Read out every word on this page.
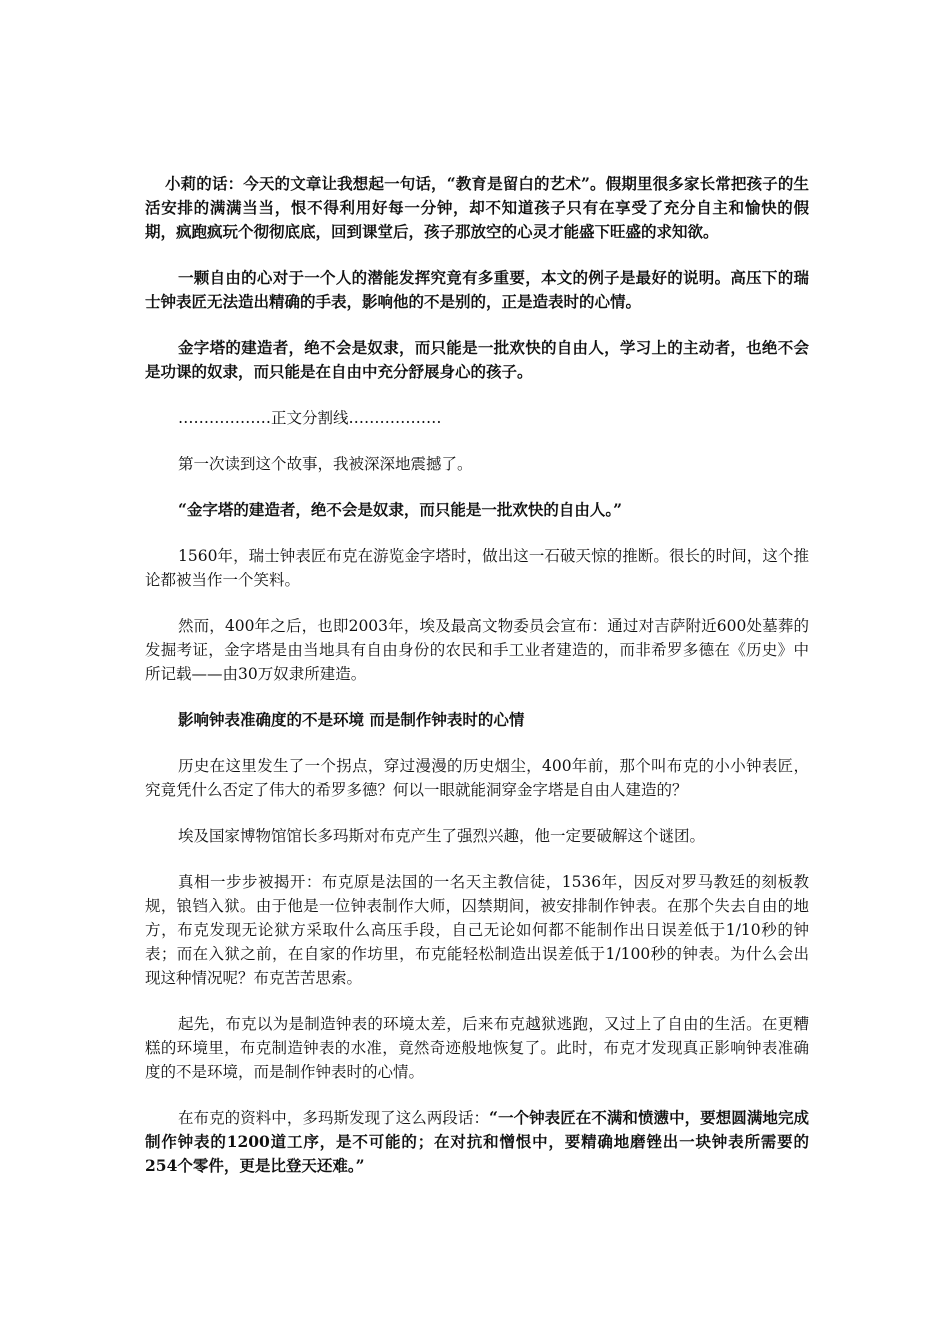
小莉的话：今天的文章让我想起一句话，“教育是留白的艺术”。假期里很多家长常把孩子的生活安排的满满当当，恨不得利用好每一分钟，却不知道孩子只有在享受了充分自主和愉快的假期，疯跑疯玩个彻彻底底，回到课堂后，孩子那放空的心灵才能盛下旺盛的求知欲。

一颗自由的心对于一个人的潜能发挥究竟有多重要，本文的例子是最好的说明。高压下的瑞士钟表匠无法造出精确的手表，影响他的不是别的，正是造表时的心情。

金字塔的建造者，绝不会是奴隶，而只能是一批欢快的自由人，学习上的主动者，也绝不会是功课的奴隶，而只能是在自由中充分舒展身心的孩子。

………………正文分割线………………

第一次读到这个故事，我被深深地震撼了。

“金字塔的建造者，绝不会是奴隶，而只能是一批欢快的自由人。”

1560年，瑞士钟表匠布克在游览金字塔时，做出这一石破天惊的推断。很长的时间，这个推论都被当作一个笑料。

然而，400年之后，也即2003年，埃及最高文物委员会宣布：通过对吉萨附近600处墓葬的发掘考证，金字塔是由当地具有自由身份的农民和手工业者建造的，而非希罗多德在《历史》中所记载——由30万奴隶所建造。

影响钟表准确度的不是环境 而是制作钟表时的心情

历史在这里发生了一个拐点，穿过漫漫的历史烟尘，400年前，那个叫布克的小小钟表匠，究竟凭什么否定了伟大的希罗多德？何以一眼就能洞穿金字塔是自由人建造的？

埃及国家博物馆馆长多玛斯对布克产生了强烈兴趣，他一定要破解这个谜团。

真相一步步被揭开：布克原是法国的一名天主教信徒，1536年，因反对罗马教廷的刻板教规，锒铛入狱。由于他是一位钟表制作大师，囚禁期间，被安排制作钟表。在那个失去自由的地方，布克发现无论狱方采取什么高压手段，自己无论如何都不能制作出日误差低于1/10秒的钟表；而在入狱之前，在自家的作坊里，布克能轻松制造出误差低于1/100秒的钟表。为什么会出现这种情况呢？布克苦苦思索。

起先，布克以为是制造钟表的环境太差，后来布克越狱逃跑，又过上了自由的生活。在更糟糕的环境里，布克制造钟表的水准，竟然奇迹般地恢复了。此时，布克才发现真正影响钟表准确度的不是环境，而是制作钟表时的心情。

在布克的资料中，多玛斯发现了这么两段话：“一个钟表匠在不满和愤懑中，要想圆满地完成制作钟表的1200道工序，是不可能的；在对抗和憎恨中，要精确地磨锉出一块钟表所需要的254个零件，更是比登天还难。”
